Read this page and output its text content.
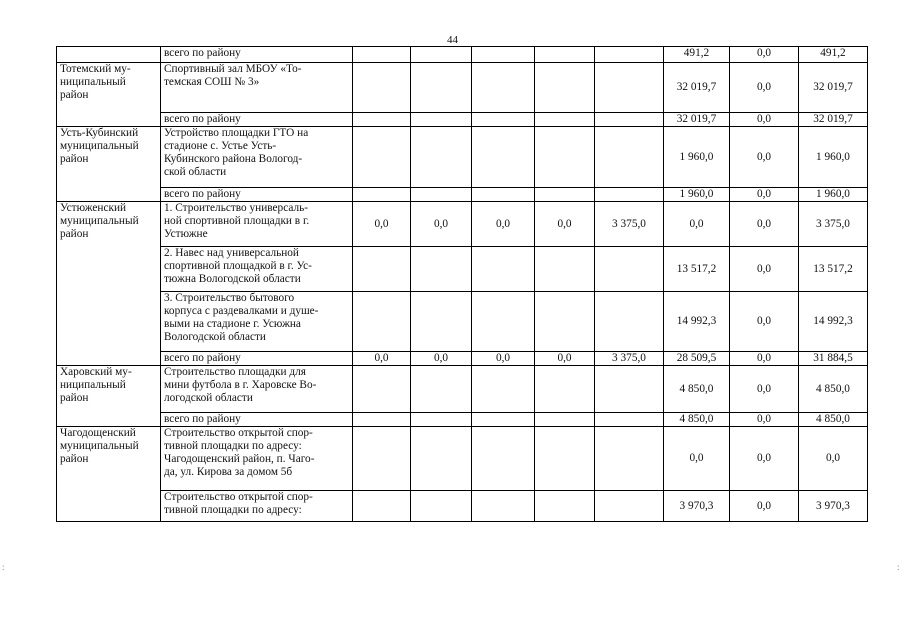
44
	всего по району						491,2	0,0	491,2
Тотемский му-
ниципальный
район	Спортивный зал МБОУ «То-
темская СОШ № 3»						32 019,7	0,0	32 019,7
	всего по району						32 019,7	0,0	32 019,7
Усть-Кубинский
муниципальный
район	Устройство площадки ГТО на
стадионе с. Устье Усть-
Кубинского района Вологод-
ской области						1 960,0	0,0	1 960,0
	всего по району						1 960,0	0,0	1 960,0
Устюженский
муниципальный
район	1. Строительство универсаль-
ной спортивной площадки в г.
Устюжне	0,0	0,0	0,0	0,0	3 375,0	0,0	0,0	3 375,0
	2. Навес над универсальной
спортивной площадкой в г. Ус-
тюжна Вологодской области						13 517,2	0,0	13 517,2
	3. Строительство бытового
корпуса с раздевалками и душе-
выми на стадионе г. Усюжна
Вологодской области						14 992,3	0,0	14 992,3
	всего по району	0,0	0,0	0,0	0,0	3 375,0	28 509,5	0,0	31 884,5
Харовский му-
ниципальный
район	Строительство площадки для
мини футбола в г. Харовске Во-
логодской области						4 850,0	0,0	4 850,0
	всего по району						4 850,0	0,0	4 850,0
Чагодощенский
муниципальный
район	Строительство открытой спор-
тивной площадки по адресу:
Чагодощенский район, п. Чаго-
да, ул. Кирова за домом 5б						0,0	0,0	0,0
	Строительство открытой спор-
тивной площадки по адресу:						3 970,3	0,0	3 970,3
:	:
